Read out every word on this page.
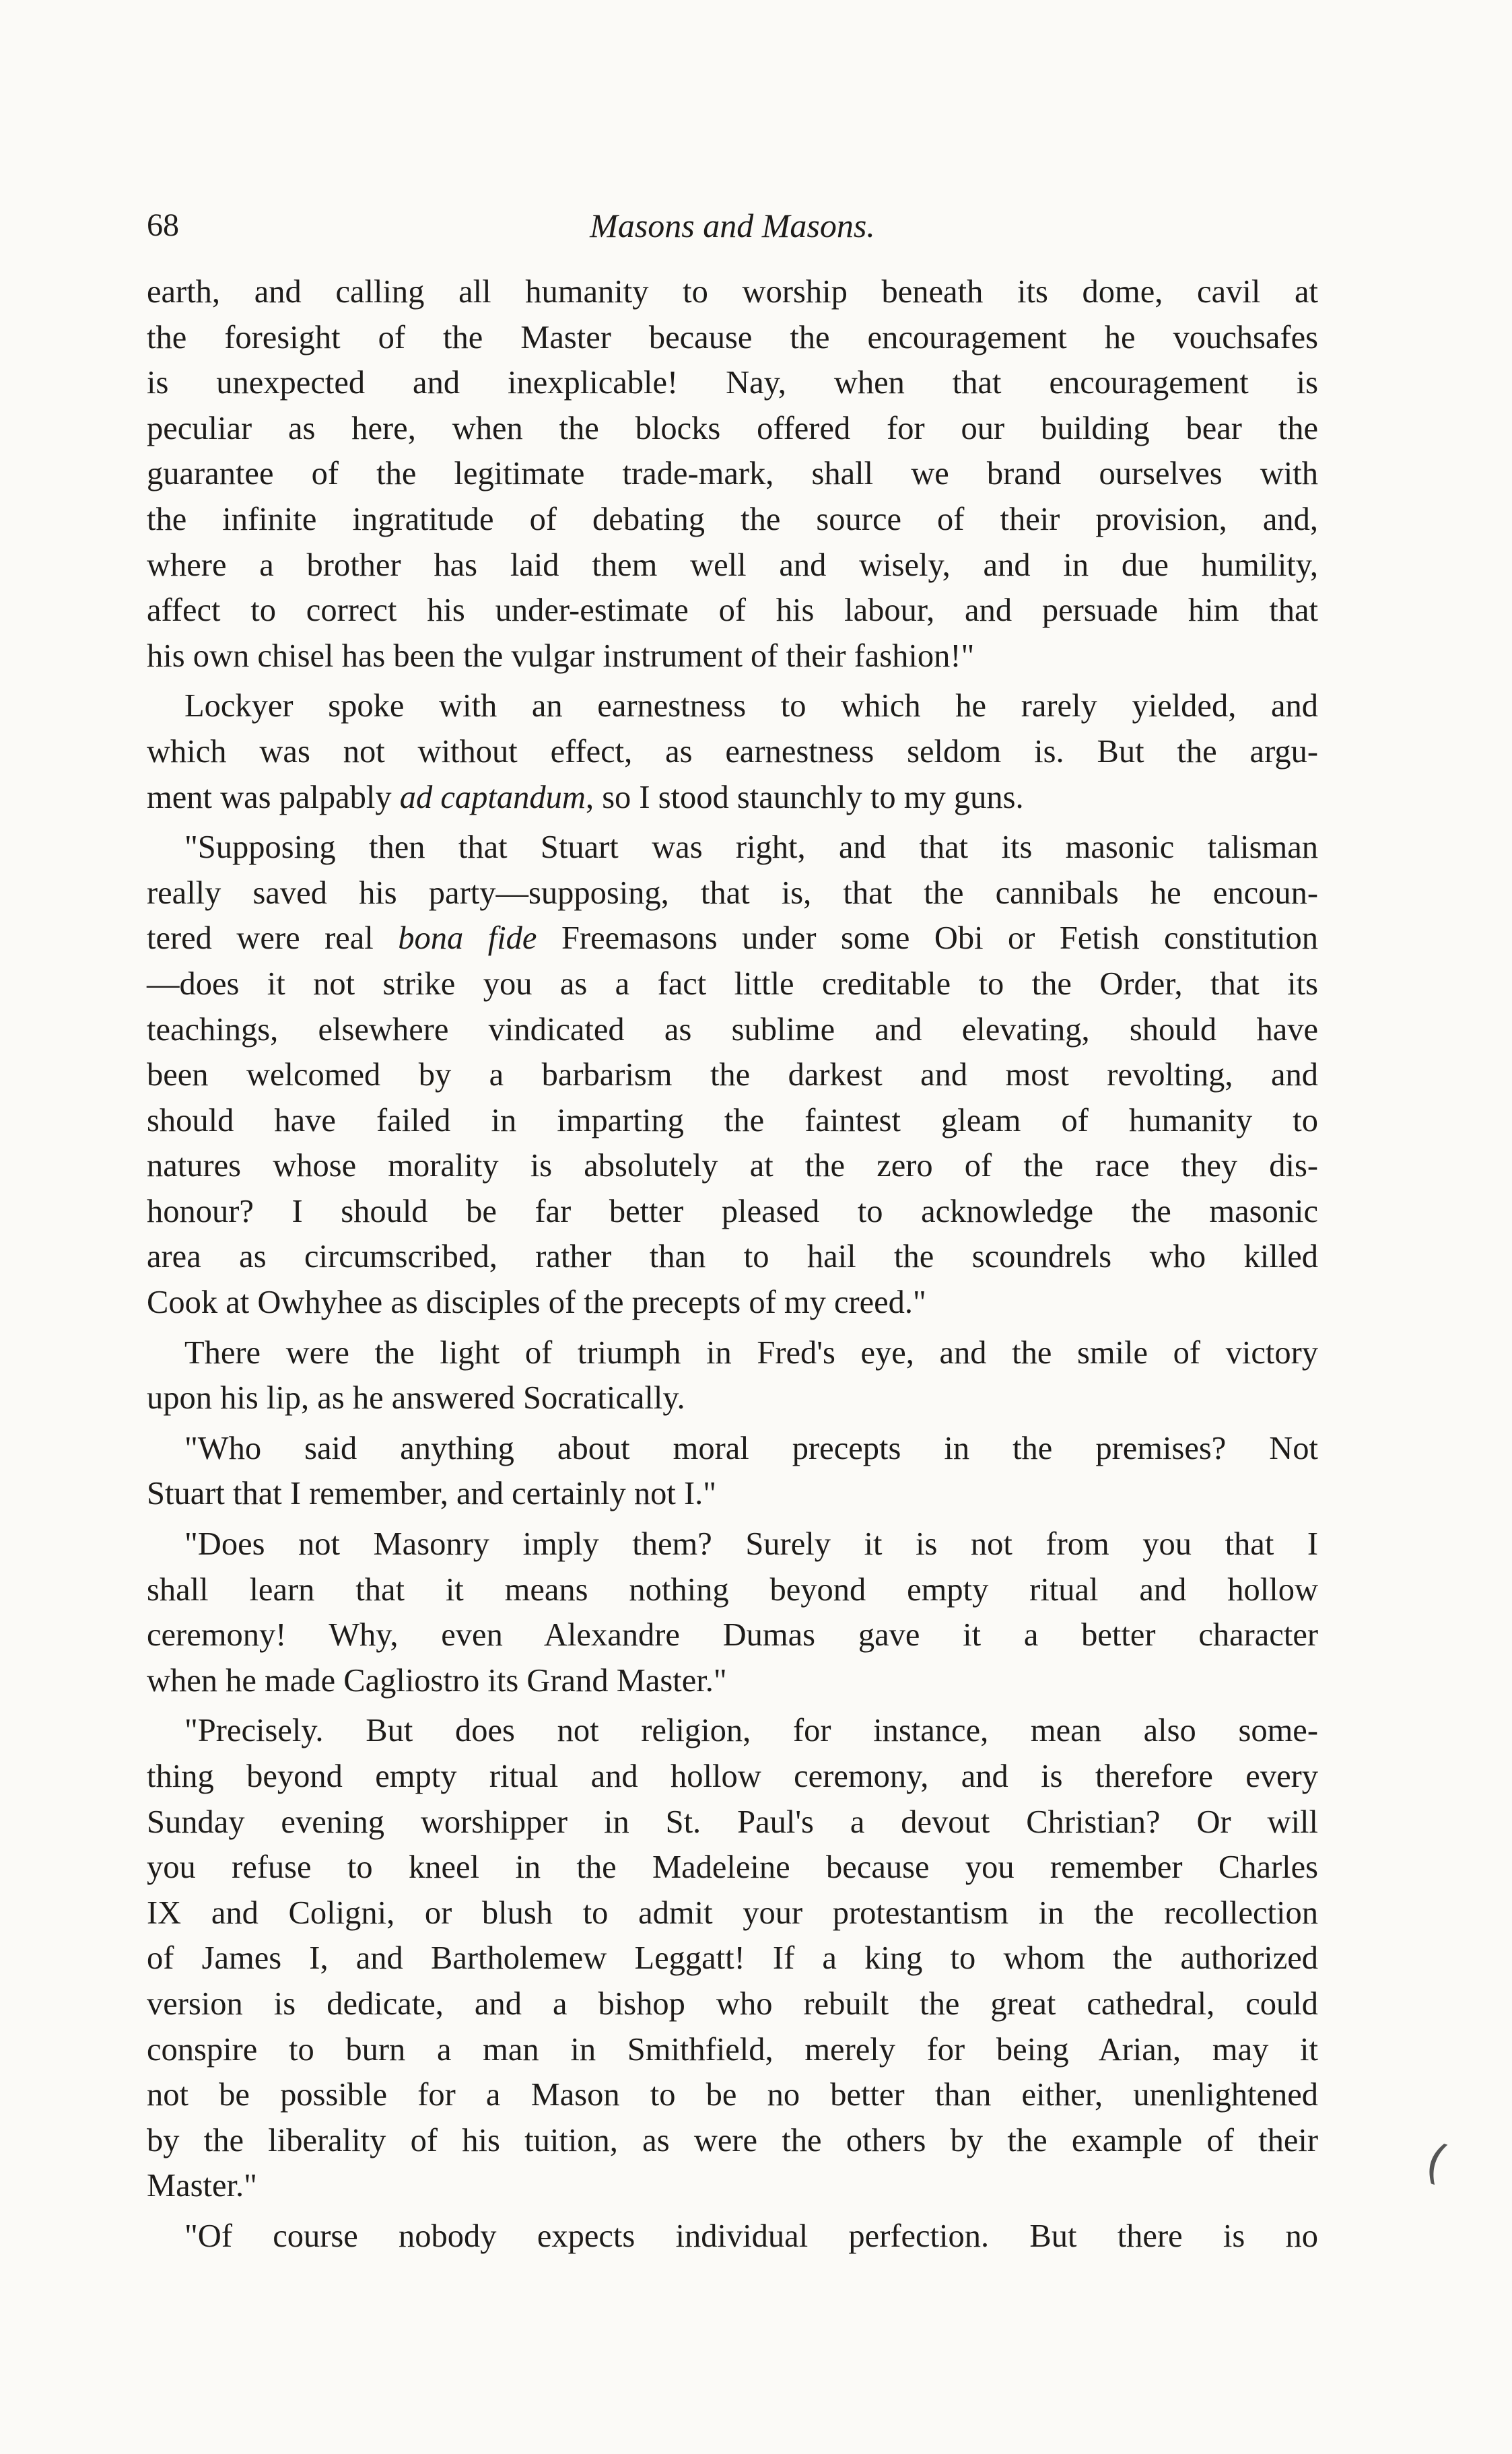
68	Masons and Masons.
earth, and calling all humanity to worship beneath its dome, cavil at
the foresight of the Master because the encouragement he vouchsafes
is unexpected and inexplicable! Nay, when that encouragement is
peculiar as here, when the blocks offered for our building bear the
guarantee of the legitimate trade-mark, shall we brand ourselves with
the infinite ingratitude of debating the source of their provision, and,
where a brother has laid them well and wisely, and in due humility,
affect to correct his under-estimate of his labour, and persuade him that
his own chisel has been the vulgar instrument of their fashion!"
Lockyer spoke with an earnestness to which he rarely yielded, and
which was not without effect, as earnestness seldom is. But the argu-
ment was palpably ad captandum, so I stood staunchly to my guns.
"Supposing then that Stuart was right, and that its masonic talisman
really saved his party—supposing, that is, that the cannibals he encoun-
tered were real bona fide Freemasons under some Obi or Fetish constitution
—does it not strike you as a fact little creditable to the Order, that its
teachings, elsewhere vindicated as sublime and elevating, should have
been welcomed by a barbarism the darkest and most revolting, and
should have failed in imparting the faintest gleam of humanity to
natures whose morality is absolutely at the zero of the race they dis-
honour? I should be far better pleased to acknowledge the masonic
area as circumscribed, rather than to hail the scoundrels who killed
Cook at Owhyhee as disciples of the precepts of my creed."
There were the light of triumph in Fred's eye, and the smile of victory
upon his lip, as he answered Socratically.
"Who said anything about moral precepts in the premises? Not
Stuart that I remember, and certainly not I."
"Does not Masonry imply them? Surely it is not from you that I
shall learn that it means nothing beyond empty ritual and hollow
ceremony! Why, even Alexandre Dumas gave it a better character
when he made Cagliostro its Grand Master."
"Precisely. But does not religion, for instance, mean also some-
thing beyond empty ritual and hollow ceremony, and is therefore every
Sunday evening worshipper in St. Paul's a devout Christian? Or will
you refuse to kneel in the Madeleine because you remember Charles
IX and Coligni, or blush to admit your protestantism in the recollection
of James I, and Bartholemew Leggatt! If a king to whom the authorized
version is dedicate, and a bishop who rebuilt the great cathedral, could
conspire to burn a man in Smithfield, merely for being Arian, may it
not be possible for a Mason to be no better than either, unenlightened
by the liberality of his tuition, as were the others by the example of their
Master."
"Of course nobody expects individual perfection. But there is no
(
